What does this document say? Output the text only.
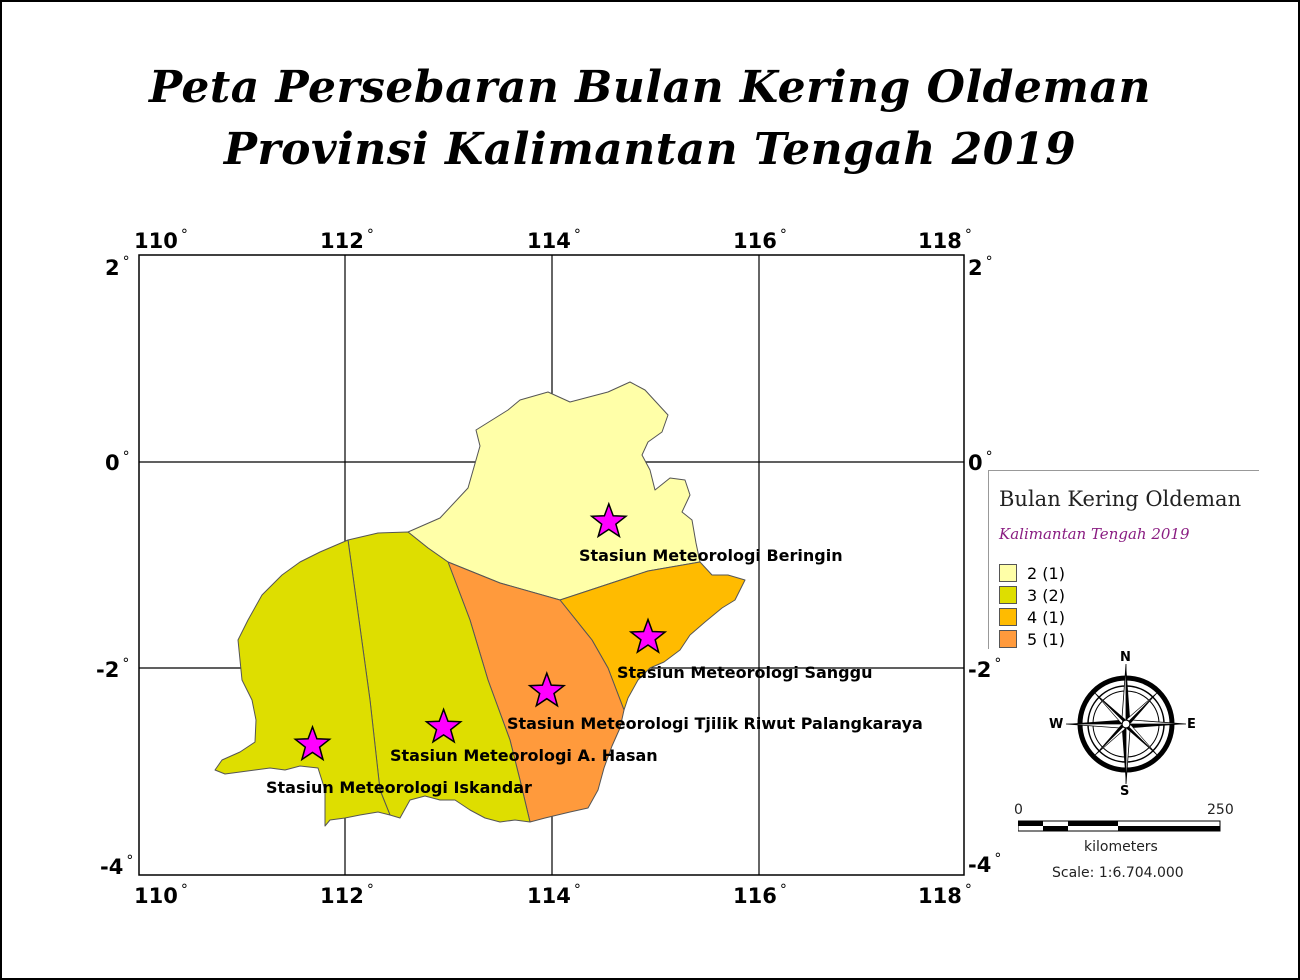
Peta Persebaran Bulan Kering Oldeman
Provinsi Kalimantan Tengah 2019
110 °	112 °	114 °	116 °	118 °
110 °	112 °	114 °	116 °	118 °
2 °
0 °
-2 °
-4 °
2 °
0 °
-2 °
-4 °
Stasiun Meteorologi Beringin
Stasiun Meteorologi Sanggu
Stasiun Meteorologi Tjilik Riwut Palangkaraya
Stasiun Meteorologi A. Hasan
Stasiun Meteorologi Iskandar
Bulan Kering Oldeman
Kalimantan Tengah 2019
2 (1)
3 (2)
4 (1)
5 (1)
N
S
E
W
0	250
kilometers
Scale: 1:6.704.000
